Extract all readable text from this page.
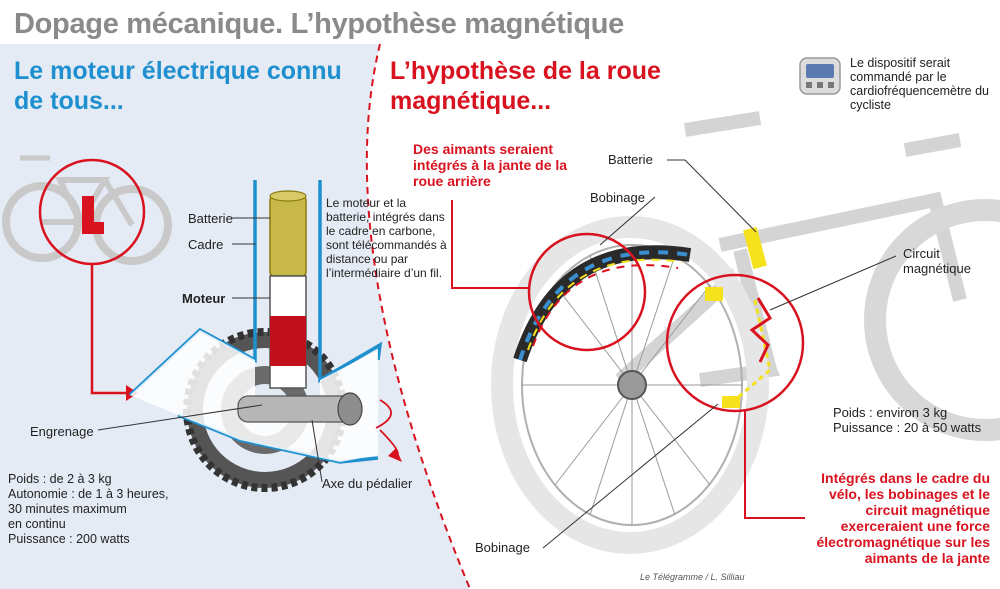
Dopage mécanique. L’hypothèse magnétique

Le moteur électrique connu de tous...

L’hypothèse de la roue magnétique...

Batterie

Cadre

Moteur

Engrenage

Axe du pédalier

Le moteur et la batterie, intégrés dans le cadre en carbone, sont télécommandés à distance ou par l’intermédiaire d’un fil.

Poids : de 2 à 3 kg
Autonomie : de 1 à 3 heures,
30 minutes maximum
en continu
Puissance : 200 watts

Des aimants seraient intégrés à la jante de la roue arrière

Le dispositif serait commandé par le cardiofréquencemètre du cycliste

Batterie

Bobinage

Circuit magnétique

Bobinage

Poids : environ 3 kg
Puissance : 20 à 50 watts

Intégrés dans le cadre du vélo, les bobinages et le circuit magnétique exerceraient une force électromagnétique sur les aimants de la jante

Le Télégramme / L. Silliau
